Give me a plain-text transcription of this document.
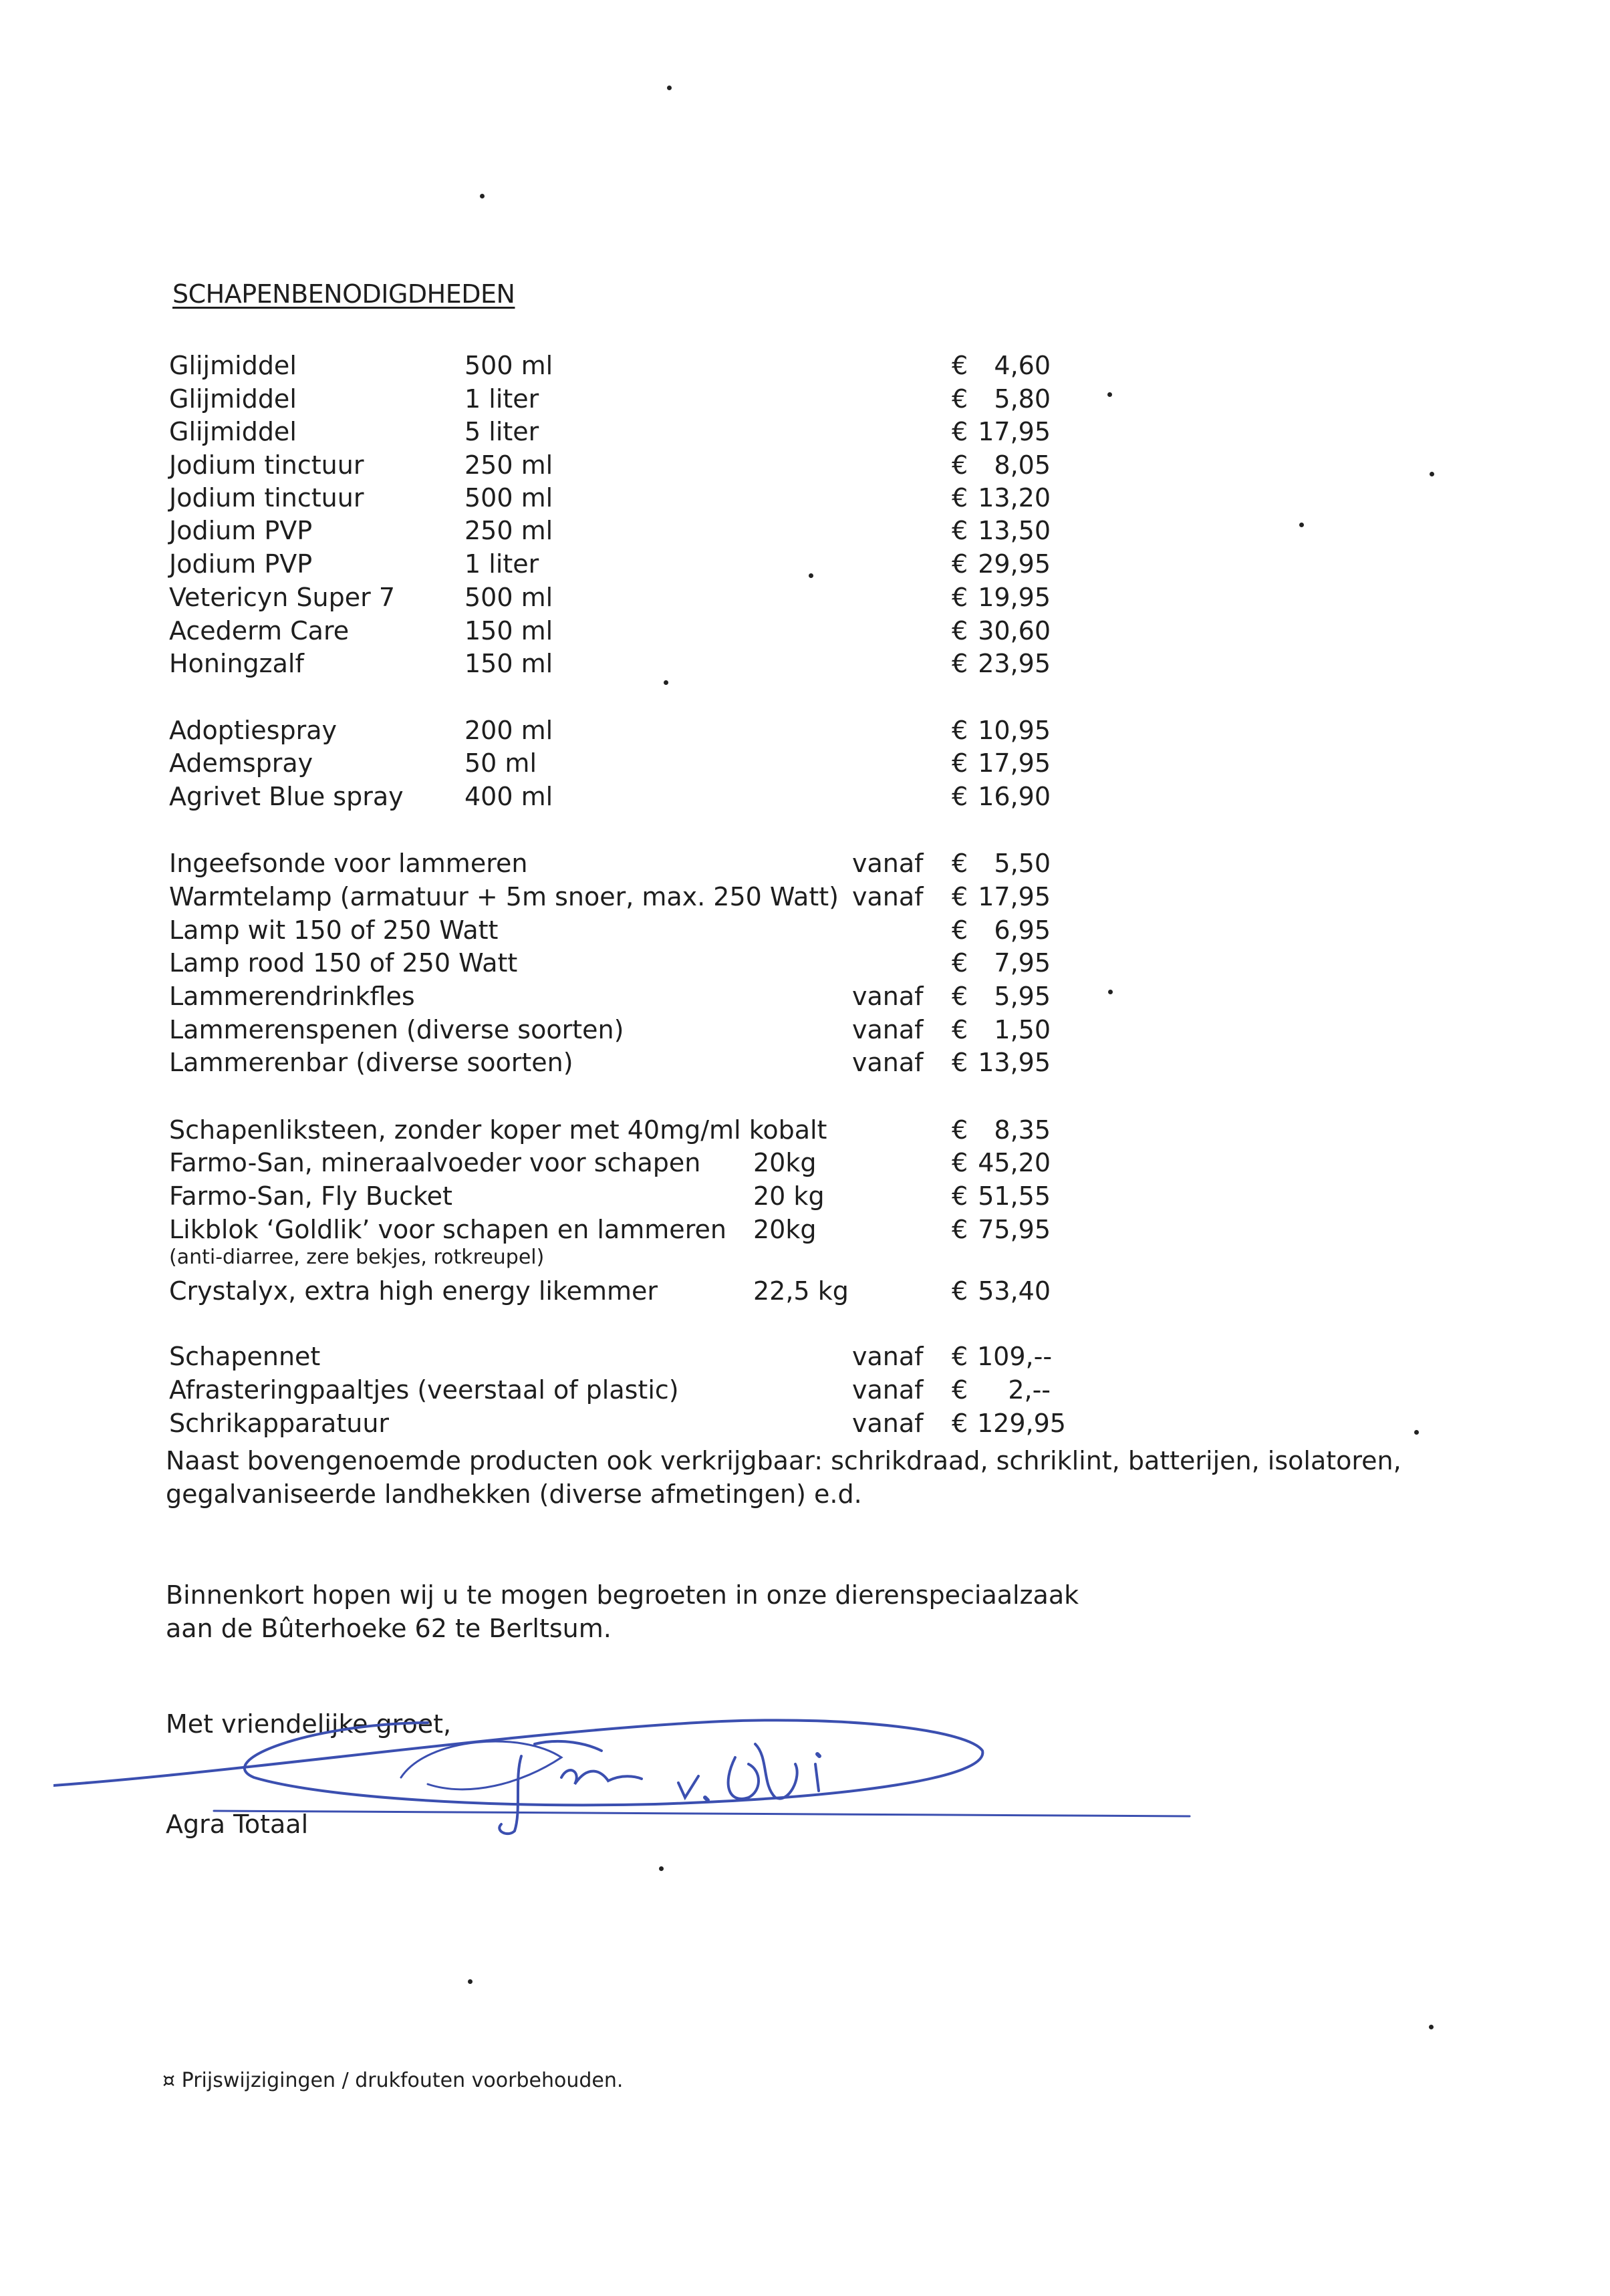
SCHAPENBENODIGDHEDEN
Glijmiddel	500 ml	€	4,60
Glijmiddel	1 liter	€	5,80
Glijmiddel	5 liter	€ 17,95
Jodium tinctuur	250 ml	€	8,05
Jodium tinctuur	500 ml	€ 13,20
Jodium PVP	250 ml	€ 13,50
Jodium PVP	1 liter	€ 29,95
Vetericyn Super 7	500 ml	€ 19,95
Acederm Care	150 ml	€ 30,60
Honingzalf	150 ml	€ 23,95
Adoptiespray	200 ml	€ 10,95
Ademspray	50 ml	€ 17,95
Agrivet Blue spray 400 ml	€ 16,90
Ingeefsonde voor lammeren	vanaf €	5,50
Warmtelamp (armatuur + 5m snoer, max. 250 Watt) vanaf € 17,95
Lamp wit 150 of 250 Watt	€	6,95
Lamp rood 150 of 250 Watt	€	7,95
Lammerendrinkfles	vanaf €	5,95
Lammerenspenen (diverse soorten)	vanaf €	1,50
Lammerenbar (diverse soorten)	vanaf € 13,95
Schapenliksteen, zonder koper met 40mg/ml kobalt	€	8,35
Farmo-San, mineraalvoeder voor schapen 20kg	€ 45,20
Farmo-San, Fly Bucket	20 kg	€ 51,55
Likblok ‘Goldlik’ voor schapen en lammeren 20kg	€ 75,95
Crystalyx, extra high energy likemmer	22,5 kg	€ 53,40
Schapennet	vanaf € 109,--
Afrasteringpaaltjes (veerstaal of plastic)	vanaf €	2,--
Schrikapparatuur	vanaf € 129,95
(anti-diarree, zere bekjes, rotkreupel)
Naast bovengenoemde producten ook verkrijgbaar: schrikdraad, schriklint, batterijen, isolatoren,
gegalvaniseerde landhekken (diverse afmetingen) e.d.
Binnenkort hopen wij u te mogen begroeten in onze dierenspeciaalzaak
aan de Bûterhoeke 62 te Berltsum.
Met vriendelijke groet,
Agra Totaal
¤ Prijswijzigingen / drukfouten voorbehouden.
